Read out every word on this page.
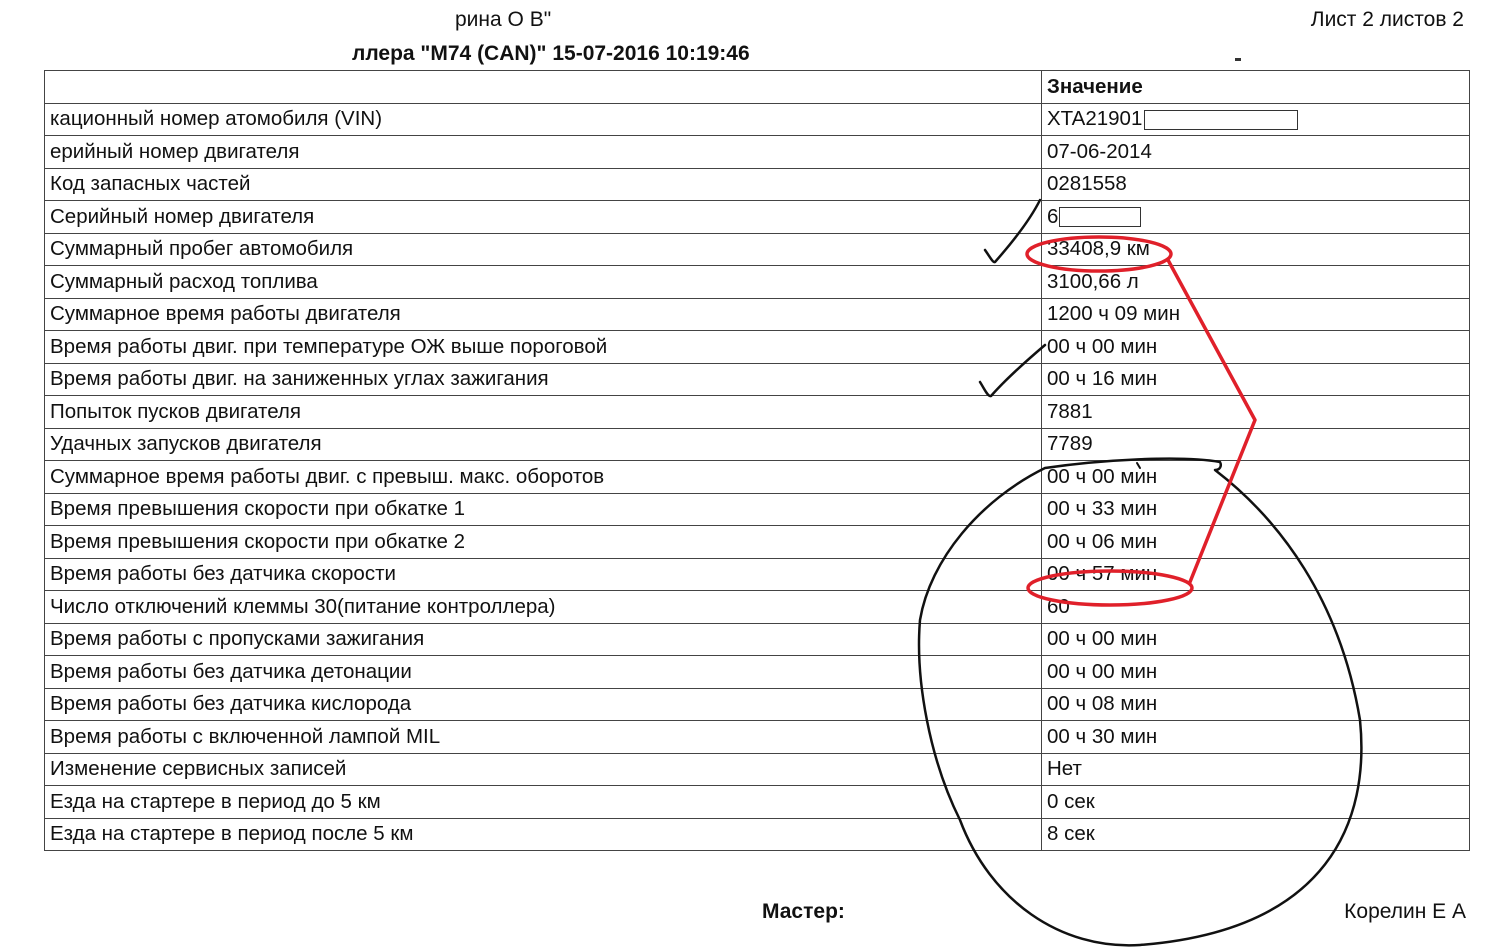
рина О В"	Лист 2 листов 2
ллера "M74 (CAN)" 15-07-2016 10:19:46
	Значение
кационный номер атомобиля (VIN)	XTA21901
ерийный номер двигателя	07-06-2014
Код запасных частей	0281558
Серийный номер двигателя	6
Суммарный пробег автомобиля	33408,9 км
Суммарный расход топлива	3100,66 л
Суммарное время работы двигателя	1200 ч 09 мин
Время работы двиг. при температуре ОЖ выше пороговой	00 ч 00 мин
Время работы двиг. на заниженных углах зажигания	00 ч 16 мин
Попыток пусков двигателя	7881
Удачных запусков двигателя	7789
Суммарное время работы двиг. с превыш. макс. оборотов	00 ч 00 мин
Время превышения скорости при обкатке 1	00 ч 33 мин
Время превышения скорости при обкатке 2	00 ч 06 мин
Время работы без датчика скорости	00 ч 57 мин
Число отключений клеммы 30(питание контроллера)	60
Время работы с пропусками зажигания	00 ч 00 мин
Время работы без датчика детонации	00 ч 00 мин
Время работы без датчика кислорода	00 ч 08 мин
Время работы с включенной лампой MIL	00 ч 30 мин
Изменение сервисных записей	Нет
Езда на стартере в период до 5 км	0 сек
Езда на стартере в период после 5 км	8 сек
Мастер:	Корелин Е А
